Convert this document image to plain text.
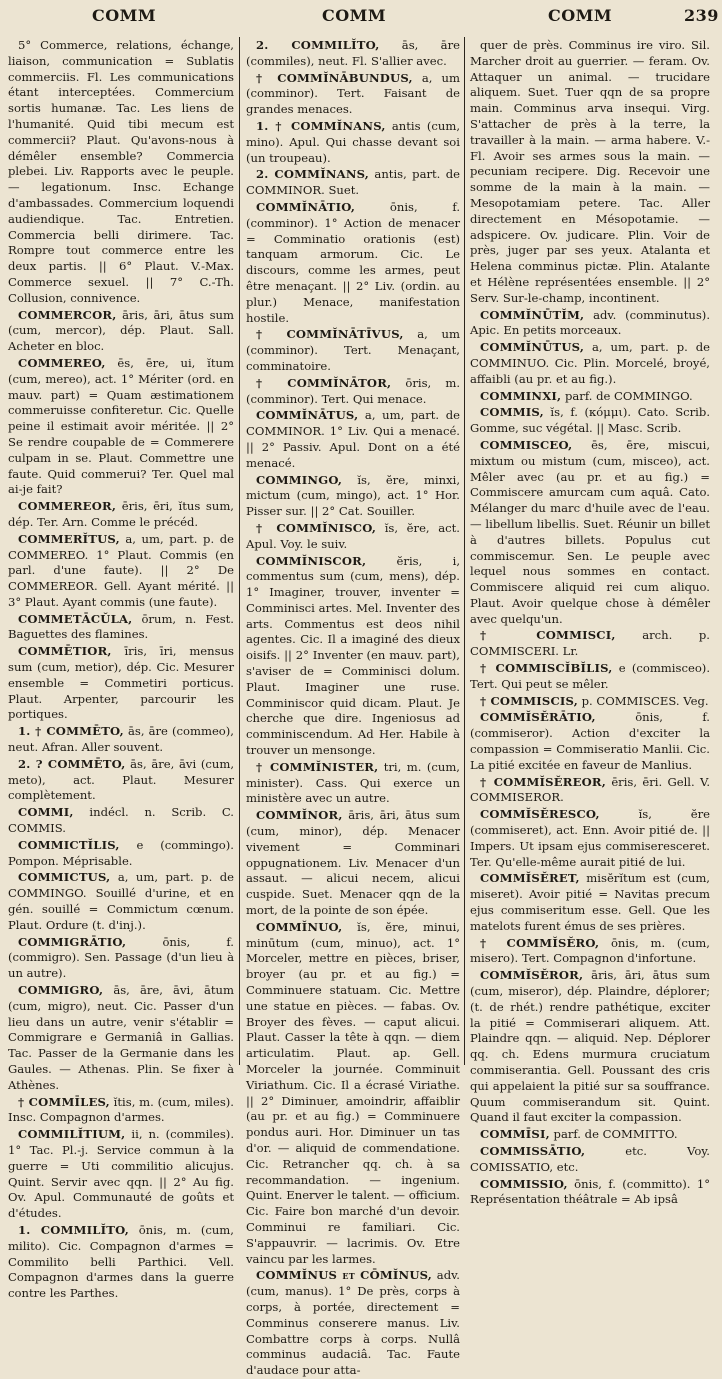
COMM	COMM	COMM	239

5° Commerce, relations, échange, liaison, communication = Sublatis commerciis. Fl. Les communications étant interceptées. Commercium sortis humanæ. Tac. Les liens de l'humanité. Quid tibi mecum est commercii? Plaut. Qu'avons-nous à démêler ensemble? Commercia plebei. Liv. Rapports avec le peuple. — legationum. Insc. Echange d'ambassades. Commercium loquendi audiendique. Tac. Entretien. Commercia belli dirimere. Tac. Rompre tout commerce entre les deux partis. || 6° Plaut. V.-Max. Commerce sexuel. || 7° C.-Th. Collusion, connivence.

COMMERCOR, āris, āri, ātus sum (cum, mercor), dép. Plaut. Sall. Acheter en bloc.

COMMEREO, ēs, ēre, ui, ĭtum (cum, mereo), act. 1° Mériter (ord. en mauv. part) = Quam æstimationem commeruisse confiteretur. Cic. Quelle peine il estimait avoir méritée. || 2° Se rendre coupable de = Commerere culpam in se. Plaut. Commettre une faute. Quid commerui? Ter. Quel mal ai-je fait?

COMMEREOR, ēris, ēri, ĭtus sum, dép. Ter. Arn. Comme le précéd.

COMMERĬTUS, a, um, part. p. de COMMEREO. 1° Plaut. Commis (en parl. d'une faute). || 2° De COMMEREOR. Gell. Ayant mérité. || 3° Plaut. Ayant commis (une faute).

COMMETĀCŬLA, ōrum, n. Fest. Baguettes des flamines.

COMMĒTIOR, īris, īri, mensus sum (cum, metior), dép. Cic. Mesurer ensemble = Commetiri porticus. Plaut. Arpenter, parcourir les portiques.

1. † COMMĒTO, ās, āre (commeo), neut. Afran. Aller souvent.

2. ? COMMĒTO, ās, āre, āvi (cum, meto), act. Plaut. Mesurer complètement.

COMMI, indécl. n. Scrib. C. COMMIS.

COMMICTĬLIS, e (commingo). Pompon. Méprisable.

COMMICTUS, a, um, part. p. de COMMINGO. Souillé d'urine, et en gén. souillé = Commictum cœnum. Plaut. Ordure (t. d'inj.).

COMMIGRĀTIO,	ōnis, f. (commigro). Sen. Passage (d'un lieu à un autre).

COMMIGRO, ās, āre, āvi, ātum (cum, migro), neut. Cic. Passer d'un lieu dans un autre, venir s'établir = Commigrare e Germaniâ in Gallias. Tac. Passer de la Germanie dans les Gaules. — Athenas. Plin. Se fixer à Athènes.

† COMMĪLES, ĭtis, m. (cum, miles). Insc. Compagnon d'armes.

COMMILĬTIUM, ii, n. (commiles). 1° Tac. Pl.-j. Service commun à la guerre = Uti commilitio alicujus. Quint. Servir avec qqn. || 2° Au fig. Ov. Apul. Communauté de goûts et d'études.

1. COMMILĬTO, ōnis, m. (cum, milito). Cic. Compagnon d'armes = Commilito belli Parthici. Vell. Compagnon d'armes dans la guerre contre les Parthes.

2. COMMILĬTO, ās, āre (commiles), neut. Fl. S'allier avec.

† COMMĬNĀBUNDUS, a, um (comminor). Tert. Faisant de grandes menaces.

1. † COMMĬNANS, antis (cum, mino). Apul. Qui chasse devant soi (un troupeau).

2. COMMĬNANS, antis, part. de COMMINOR. Suet.

COMMĬNĀTIO,	ōnis, f. (comminor). 1° Action de menacer = Comminatio orationis (est) tanquam armorum. Cic. Le discours, comme les armes, peut être menaçant. || 2° Liv. (ordin. au plur.) Menace, manifestation hostile.

† COMMĬNĀTĪVUS, a, um (comminor). Tert. Menaçant, comminatoire.

† COMMĬNĀTOR, ōris, m. (comminor). Tert. Qui menace.

COMMĬNĀTUS, a, um, part. de COMMINOR. 1° Liv. Qui a menacé. || 2° Passiv. Apul. Dont on a été menacé.

COMMINGO, ĭs, ĕre, minxi, mictum (cum, mingo), act. 1° Hor. Pisser sur. || 2° Cat. Souiller.

† COMMĬNISCO, ĭs, ĕre, act. Apul. Voy. le suiv.

COMMĬNISCOR,	ĕris, i, commentus sum (cum, mens), dép. 1° Imaginer, trouver, inventer = Comminisci artes. Mel. Inventer des arts. Commentus est deos nihil agentes. Cic. Il a imaginé des dieux oisifs. || 2° Inventer (en mauv. part), s'aviser de = Comminisci dolum. Plaut. Imaginer une ruse. Comminiscor quid dicam. Plaut. Je cherche que dire. Ingeniosus ad comminiscendum. Ad Her. Habile à trouver un mensonge.

† COMMĬNISTER, tri, m. (cum, minister). Cass. Qui exerce un ministère avec un autre.

COMMĬNOR, āris, āri, ātus sum (cum, minor), dép. Menacer vivement = Comminari oppugnationem. Liv. Menacer d'un assaut. — alicui necem, alicui cuspide. Suet. Menacer qqn de la mort, de la pointe de son épée.

COMMĬNUO, ĭs, ĕre, minui, minūtum (cum, minuo), act. 1° Morceler, mettre en pièces, briser, broyer (au pr. et au fig.) = Comminuere statuam. Cic. Mettre une statue en pièces. — fabas. Ov. Broyer des fèves. — caput alicui. Plaut. Casser la tête à qqn. — diem articulatim. Plaut. ap. Gell. Morceler la journée. Comminuit Viriathum. Cic. Il a écrasé Viriathe. || 2° Diminuer, amoindrir, affaiblir (au pr. et au fig.) = Comminuere pondus auri. Hor. Diminuer un tas d'or. — aliquid de commendatione. Cic. Retrancher qq. ch. à sa recommandation. — ingenium. Quint. Enerver le talent. — officium. Cic. Faire bon marché d'un devoir. Comminui re familiari. Cic. S'appauvrir. — lacrimis. Ov. Etre vaincu par les larmes.

COMMĬNUS et CŌMĬNUS, adv. (cum, manus). 1° De près, corps à corps, à portée, directement = Comminus conserere manus. Liv. Combattre corps à corps. Nullâ comminus audaciâ. Tac. Faute d'audace pour atta-

quer de près. Comminus ire viro. Sil. Marcher droit au guerrier. — feram. Ov. Attaquer un animal. — trucidare aliquem. Suet. Tuer qqn de sa propre main. Comminus arva insequi. Virg. S'attacher de près à la terre, la travailler à la main. — arma habere. V.-Fl. Avoir ses armes sous la main. — pecuniam recipere. Dig. Recevoir une somme de la main à la main. — Mesopotamiam petere. Tac. Aller directement en Mésopotamie. — adspicere. Ov. judicare. Plin. Voir de près, juger par ses yeux. Atalanta et Helena comminus pictæ. Plin. Atalante et Hélène représentées ensemble. || 2° Serv. Sur-le-champ, incontinent.

COMMĬNŪTĬM, adv. (comminutus). Apic. En petits morceaux.

COMMĬNŪTUS, a, um, part. p. de COMMINUO. Cic. Plin. Morcelé, broyé, affaibli (au pr. et au fig.).

COMMINXI, parf. de COMMINGO.

COMMIS, ĭs, f. (κόμμι). Cato. Scrib. Gomme, suc végétal. || Masc. Scrib.

COMMISCEO, ēs, ēre, miscui, mixtum ou mistum (cum, misceo), act. Mêler avec (au pr. et au fig.) = Commiscere amurcam cum aquâ. Cato. Mélanger du marc d'huile avec de l'eau. — libellum libellis. Suet. Réunir un billet à d'autres billets. Populus cut commiscemur. Sen. Le peuple avec lequel nous sommes en contact. Commiscere aliquid rei cum aliquo. Plaut. Avoir quelque chose à démêler avec quelqu'un.

† COMMISCI, arch. p. COMMISCERI. Lr.

† COMMISCĬBĬLIS, e (commisceo). Tert. Qui peut se mêler.

† COMMISCIS, p. COMMISCES. Veg.

COMMĬSĔRĀTIO,	ōnis, f. (commiseror). Action d'exciter la compassion = Commiseratio Manlii. Cic. La pitié excitée en faveur de Manlius.

† COMMĬSĔREOR, ēris, ēri. Gell. V. COMMISEROR.

COMMĬSĔRESCO,	ĭs, ĕre (commiseret), act. Enn. Avoir pitié de. || Impers. Ut ipsam ejus commiseresceret. Ter. Qu'elle-même aurait pitié de lui.

COMMĬSĔRET, misĕrĭtum est (cum, miseret). Avoir pitié = Navitas precum ejus commiseritum esse. Gell. Que les matelots furent émus de ses prières.

† COMMĬSĔRO, ōnis, m. (cum, misero). Tert. Compagnon d'infortune.

COMMĬSĔROR, āris, āri, ātus sum (cum, miseror), dép. Plaindre, déplorer; (t. de rhét.) rendre pathétique, exciter la pitié = Commiserari aliquem. Att. Plaindre qqn. — aliquid. Nep. Déplorer qq. ch. Edens murmura cruciatum commiserantia. Gell. Poussant des cris qui appelaient la pitié sur sa souffrance. Quum commiserandum sit. Quint. Quand il faut exciter la compassion.

COMMĪSI, parf. de COMMITTO.

COMMISSĀTIO,	etc. Voy. COMISSATIO, etc.

COMMISSIO, ōnis, f. (committo). 1° Représentation théâtrale = Ab ipsâ
